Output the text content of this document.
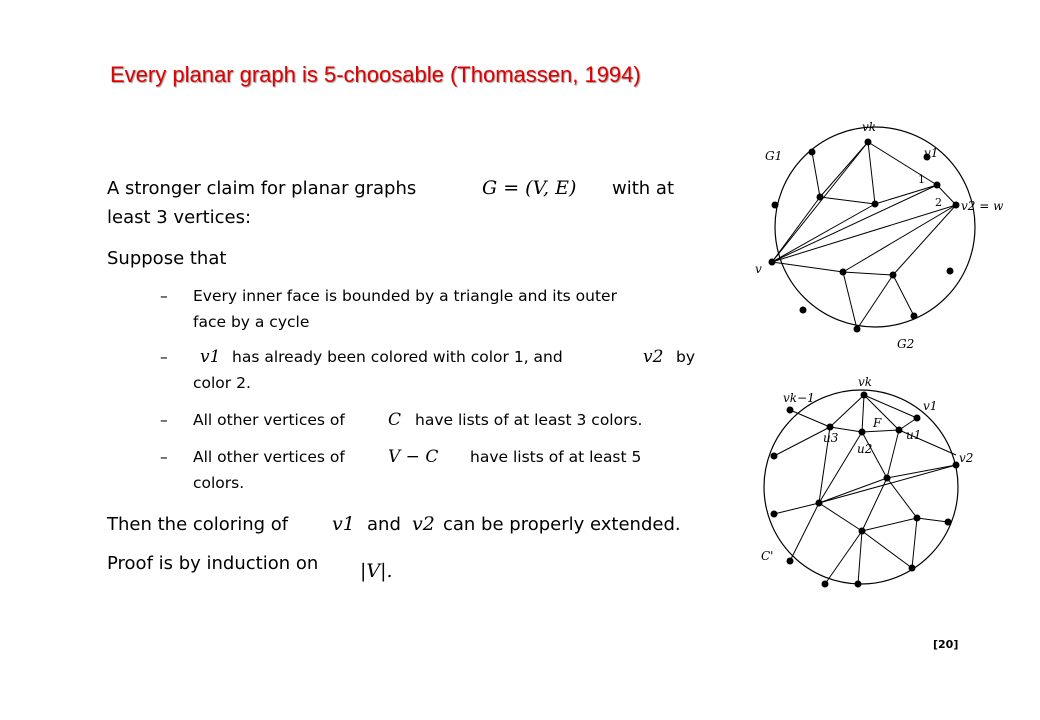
Every planar graph is 5-choosable (Thomassen, 1994)
A stronger claim for planar graphs	G = (V, E) with at
least 3 vertices:
Suppose that
– Every inner face is bounded by a triangle and its outer
face by a cycle
– v1 has already been colored with color 1, and	v2 by
color 2.
– All other vertices of	C have lists of at least 3 colors.
– All other vertices of	V − C have lists of at least 5
colors.
Then the coloring of v1 and v2 can be properly extended.
Proof is by induction on |V|.
vk
v1
G1
1
2 v2 = w
v
G2
vk
vk−1
v1
F
u3	u1
u2
v2
C'
[20]
